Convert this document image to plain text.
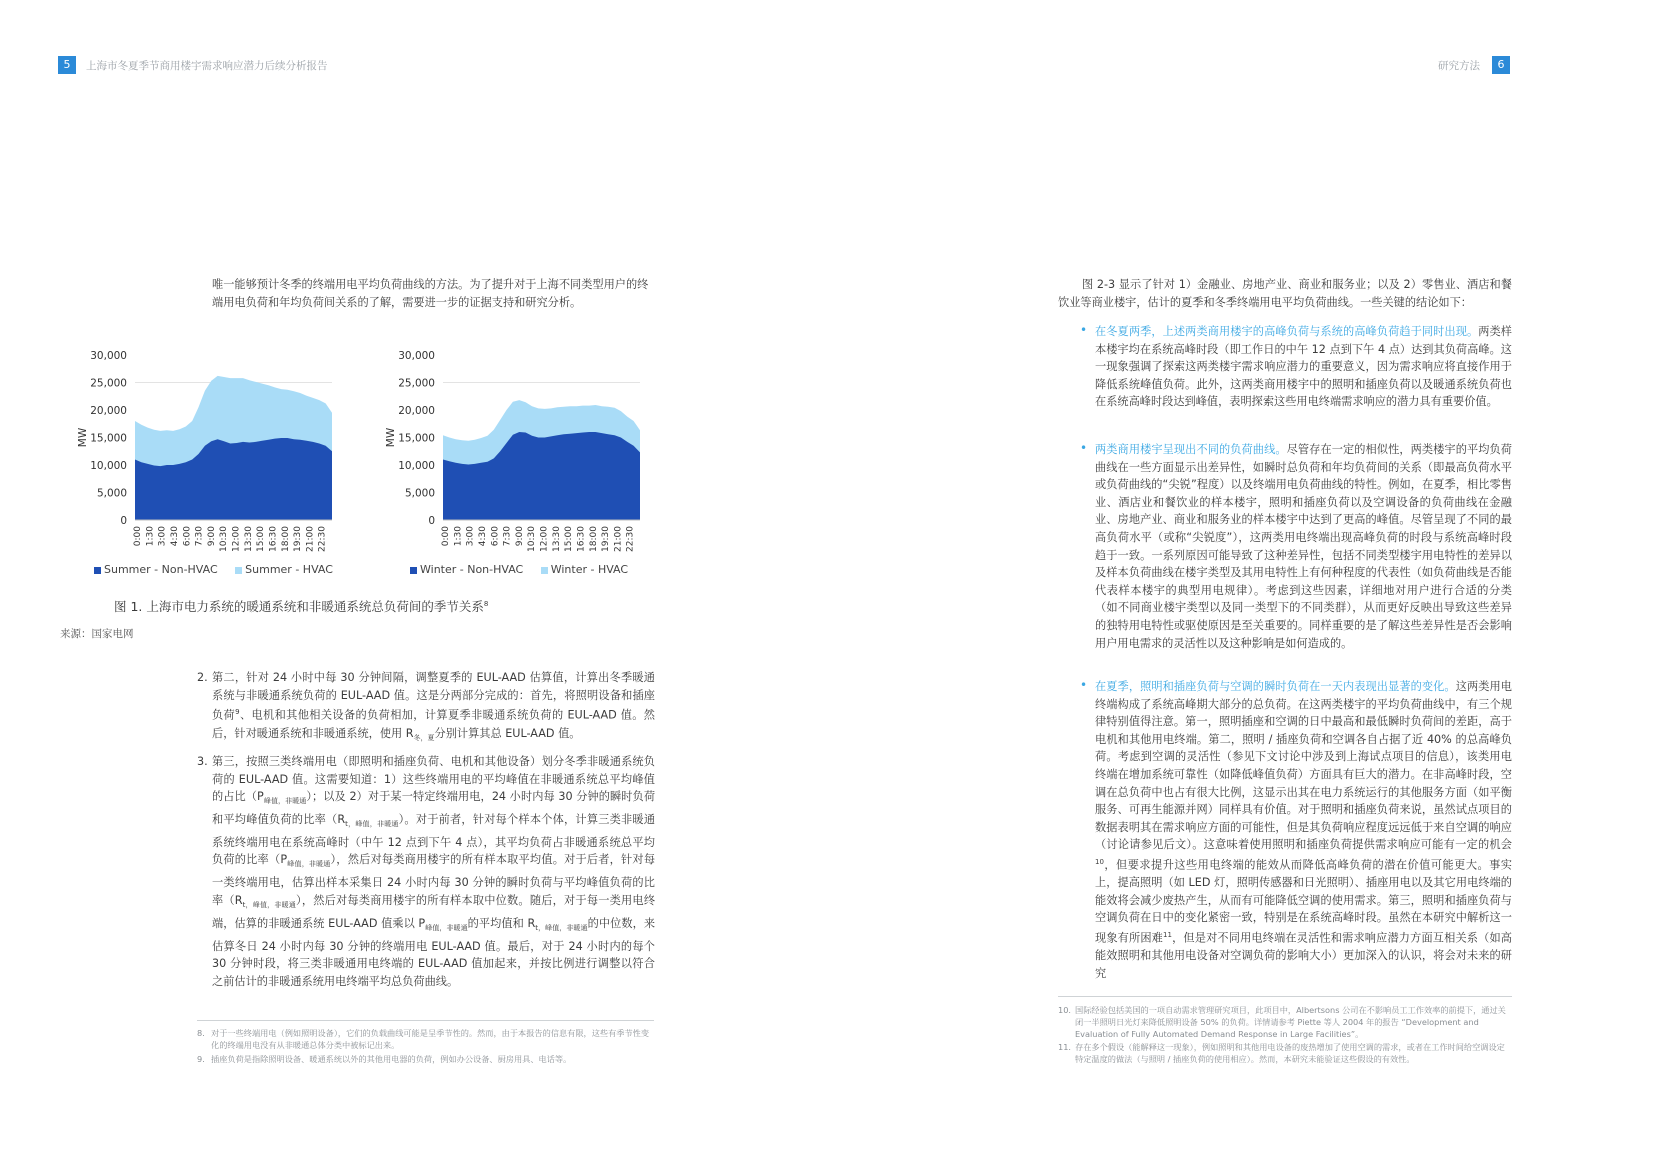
5	上海市冬夏季节商用楼宇需求响应潜力后续分析报告	研究方法	6
唯一能够预计冬季的终端用电平均负荷曲线的方法。为了提升对于上海不同类型用户的终端用电负荷和年均负荷间关系的了解，需要进一步的证据支持和研究分析。
0
5,000
10,000
15,000
20,000
25,000
30,000
MW
0:00 1:30 3:00 4:30 6:00 7:30 9:00 10:30 12:00 13:30 15:00 16:30 18:00 19:30 21:00 22:30
0
5,000
10,000
15,000
20,000
25,000
30,000
MW
0:00 1:30 3:00 4:30 6:00 7:30 9:00 10:30 12:00 13:30 15:00 16:30 18:00 19:30 21:00 22:30
Summer - Non-HVAC	Summer - HVAC	Winter - Non-HVAC	Winter - HVAC
图 1. 上海市电力系统的暖通系统和非暖通系统总负荷间的季节关系$^8$
来源：国家电网
2. 第二，针对 24 小时中每 30 分钟间隔，调整夏季的 EUL-AAD 估算值，计算出冬季暖通系统与非暖通系统负荷的 EUL-AAD 值。这是分两部分完成的：首先，将照明设备和插座负荷$^9$、电机和其他相关设备的负荷相加，计算夏季非暖通系统负荷的 EUL-AAD 值。然后，针对暖通系统和非暖通系统，使用 $R_{冬,夏}$分别计算其总 EUL-AAD 值。
3. 第三，按照三类终端用电（即照明和插座负荷、电机和其他设备）划分冬季非暖通系统负荷的 EUL-AAD 值。这需要知道：1）这些终端用电的平均峰值在非暖通系统总平均峰值的占比$(P_{峰值,非暖通})$；以及 2）对于某一特定终端用电，24 小时内每 30 分钟的瞬时负荷和平均峰值负荷的比率$(R_{t,峰值,非暖通})$。对于前者，针对每个样本个体，计算三类非暖通系统终端用电在系统高峰时（中午 12 点到下午 4 点），其平均负荷占非暖通系统总平均负荷的比率$(P_{峰值,非暖通})$，然后对每类商用楼宇的所有样本取平均值。对于后者，针对每一类终端用电，估算出样本采集日 24 小时内每 30 分钟的瞬时负荷与平均峰值负荷的比率$(R_{t,峰值,非暖通})$，然后对每类商用楼宇的所有样本取中位数。随后，对于每一类用电终端，估算的非暖通系统 EUL-AAD 值乘以 $P_{峰值,非暖通}$的平均值和 $R_{t,峰值,非暖通}$的中位数，来估算冬日 24 小时内每 30 分钟的终端用电 EUL-AAD 值。最后，对于 24 小时内的每个 30 分钟时段，将三类非暖通用电终端的 EUL-AAD 值加起来，并按比例进行调整以符合之前估计的非暖通系统用电终端平均总负荷曲线。
8. 对于一些终端用电（例如照明设备），它们的负载曲线可能是呈季节性的。然而，由于本报告的信息有限，这些有季节性变化的终端用电没有从非暖通总体分类中被标记出来。
9. 插座负荷是指除照明设备、暖通系统以外的其他用电器的负荷，例如办公设备、厨房用具、电话等。
图 2-3 显示了针对 1）金融业、房地产业、商业和服务业；以及 2）零售业、酒店和餐饮业等商业楼宇，估计的夏季和冬季终端用电平均负荷曲线。一些关键的结论如下：
• 在冬夏两季，上述两类商用楼宇的高峰负荷与系统的高峰负荷趋于同时出现。两类样本楼宇均在系统高峰时段（即工作日的中午 12 点到下午 4 点）达到其负荷高峰。这一现象强调了探索这两类楼宇需求响应潜力的重要意义，因为需求响应将直接作用于降低系统峰值负荷。此外，这两类商用楼宇中的照明和插座负荷以及暖通系统负荷也在系统高峰时段达到峰值，表明探索这些用电终端需求响应的潜力具有重要价值。
• 两类商用楼宇呈现出不同的负荷曲线。尽管存在一定的相似性，两类楼宇的平均负荷曲线在一些方面显示出差异性，如瞬时总负荷和年均负荷间的关系（即最高负荷水平或负荷曲线的“尖锐”程度）以及终端用电负荷曲线的特性。例如，在夏季，相比零售业、酒店业和餐饮业的样本楼宇，照明和插座负荷以及空调设备的负荷曲线在金融业、房地产业、商业和服务业的样本楼宇中达到了更高的峰值。尽管呈现了不同的最高负荷水平（或称“尖锐度”），这两类用电终端出现高峰负荷的时段与系统高峰时段趋于一致。一系列原因可能导致了这种差异性，包括不同类型楼宇用电特性的差异以及样本负荷曲线在楼宇类型及其用电特性上有何种程度的代表性（如负荷曲线是否能代表样本楼宇的典型用电规律）。考虑到这些因素，详细地对用户进行合适的分类（如不同商业楼宇类型以及同一类型下的不同类群），从而更好反映出导致这些差异的独特用电特性或驱使原因是至关重要的。同样重要的是了解这些差异性是否会影响用户用电需求的灵活性以及这种影响是如何造成的。
• 在夏季，照明和插座负荷与空调的瞬时负荷在一天内表现出显著的变化。这两类用电终端构成了系统高峰期大部分的总负荷。在这两类楼宇的平均负荷曲线中，有三个规律特别值得注意。第一，照明插座和空调的日中最高和最低瞬时负荷间的差距，高于电机和其他用电终端。第二，照明 / 插座负荷和空调各自占据了近 40% 的总高峰负荷。考虑到空调的灵活性（参见下文讨论中涉及到上海试点项目的信息），该类用电终端在增加系统可靠性（如降低峰值负荷）方面具有巨大的潜力。在非高峰时段，空调在总负荷中也占有很大比例，这显示出其在电力系统运行的其他服务方面（如平衡服务、可再生能源并网）同样具有价值。对于照明和插座负荷来说，虽然试点项目的数据表明其在需求响应方面的可能性，但是其负荷响应程度远远低于来自空调的响应（讨论请参见后文）。这意味着使用照明和插座负荷提供需求响应可能有一定的机会$^{10}$，但要求提升这些用电终端的能效从而降低高峰负荷的潜在价值可能更大。事实上，提高照明（如 LED 灯，照明传感器和日光照明）、插座用电以及其它用电终端的能效将会减少废热产生，从而有可能降低空调的使用需求。第三，照明和插座负荷与空调负荷在日中的变化紧密一致，特别是在系统高峰时段。虽然在本研究中解析这一现象有所困难$^{11}$，但是对不同用电终端在灵活性和需求响应潜力方面互相关系（如高能效照明和其他用电设备对空调负荷的影响大小）更加深入的认识，将会对未来的研究
10. 国际经验包括美国的一项自动需求管理研究项目，此项目中，Albertsons 公司在不影响员工工作效率的前提下，通过关闭一半照明日光灯来降低照明设备 50% 的负荷。详情请参考 Piette 等人 2004 年的报告 “Development and Evaluation of Fully Automated Demand Response in Large Facilities”。
11. 存在多个假设（能解释这一现象），例如照明和其他用电设备的废热增加了使用空调的需求，或者在工作时间给空调设定特定温度的做法（与照明 / 插座负荷的使用相应）。然而，本研究未能验证这些假设的有效性。
